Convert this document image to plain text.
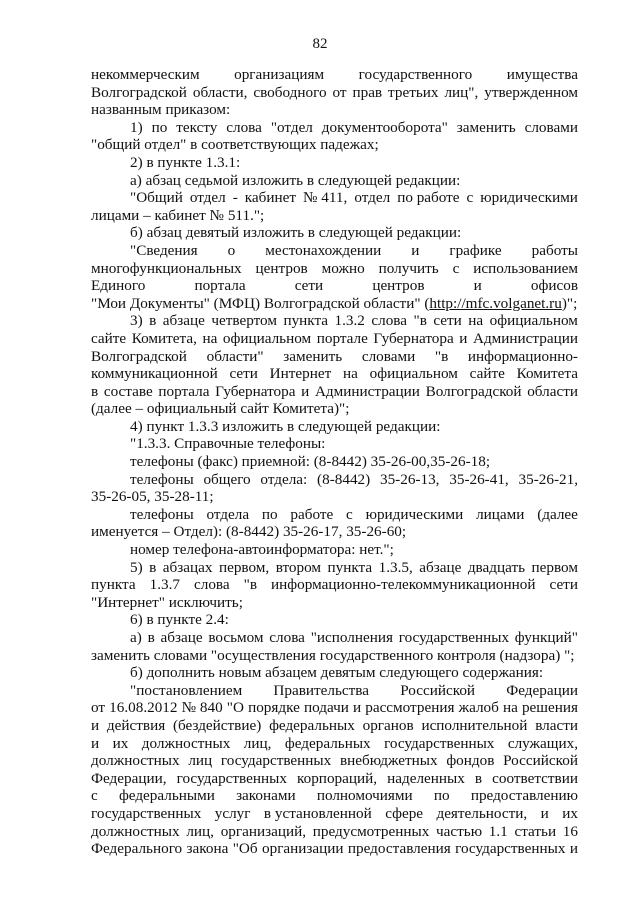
82
некоммерческим организациям государственного имущества
Волгоградской области, свободного от прав третьих лиц", утвержденном
названным приказом:
1) по тексту слова "отдел документооборота" заменить словами
"общий отдел" в соответствующих падежах;
2) в пункте 1.3.1:
а) абзац седьмой изложить в следующей редакции:
"Общий отдел - кабинет № 411, отдел по работе с юридическими
лицами – кабинет № 511.";
б) абзац девятый изложить в следующей редакции:
"Сведения о местонахождении и графике работы
многофункциональных центров можно получить с использованием
Единого	портала	сети	центров	и	офисов
"Мои Документы" (МФЦ) Волгоградской области" (http://mfc.volganet.ru)";
3) в абзаце четвертом пункта 1.3.2 слова "в сети на официальном
сайте Комитета, на официальном портале Губернатора и Администрации
Волгоградской области" заменить словами "в информационно-
коммуникационной сети Интернет на официальном сайте Комитета
в составе портала Губернатора и Администрации Волгоградской области
(далее – официальный сайт Комитета)";
4) пункт 1.3.3 изложить в следующей редакции:
"1.3.3. Справочные телефоны:
телефоны (факс) приемной: (8-8442) 35-26-00,35-26-18;
телефоны общего отдела: (8-8442) 35-26-13, 35-26-41, 35-26-21,
35-26-05, 35-28-11;
телефоны отдела по работе с юридическими лицами (далее
именуется – Отдел): (8-8442) 35-26-17, 35-26-60;
номер телефона-автоинформатора: нет.";
5) в абзацах первом, втором пункта 1.3.5, абзаце двадцать первом
пункта 1.3.7 слова "в информационно-телекоммуникационной сети
"Интернет" исключить;
6) в пункте 2.4:
а) в абзаце восьмом слова "исполнения государственных функций"
заменить словами "осуществления государственного контроля (надзора) ";
б) дополнить новым абзацем девятым следующего содержания:
"постановлением Правительства Российской Федерации
от 16.08.2012 № 840 "О порядке подачи и рассмотрения жалоб на решения
и действия (бездействие) федеральных органов исполнительной власти
и их должностных лиц, федеральных государственных служащих,
должностных лиц государственных внебюджетных фондов Российской
Федерации, государственных корпораций, наделенных в соответствии
с федеральными законами полномочиями по предоставлению
государственных услуг в установленной сфере деятельности, и их
должностных лиц, организаций, предусмотренных частью 1.1 статьи 16
Федерального закона "Об организации предоставления государственных и
